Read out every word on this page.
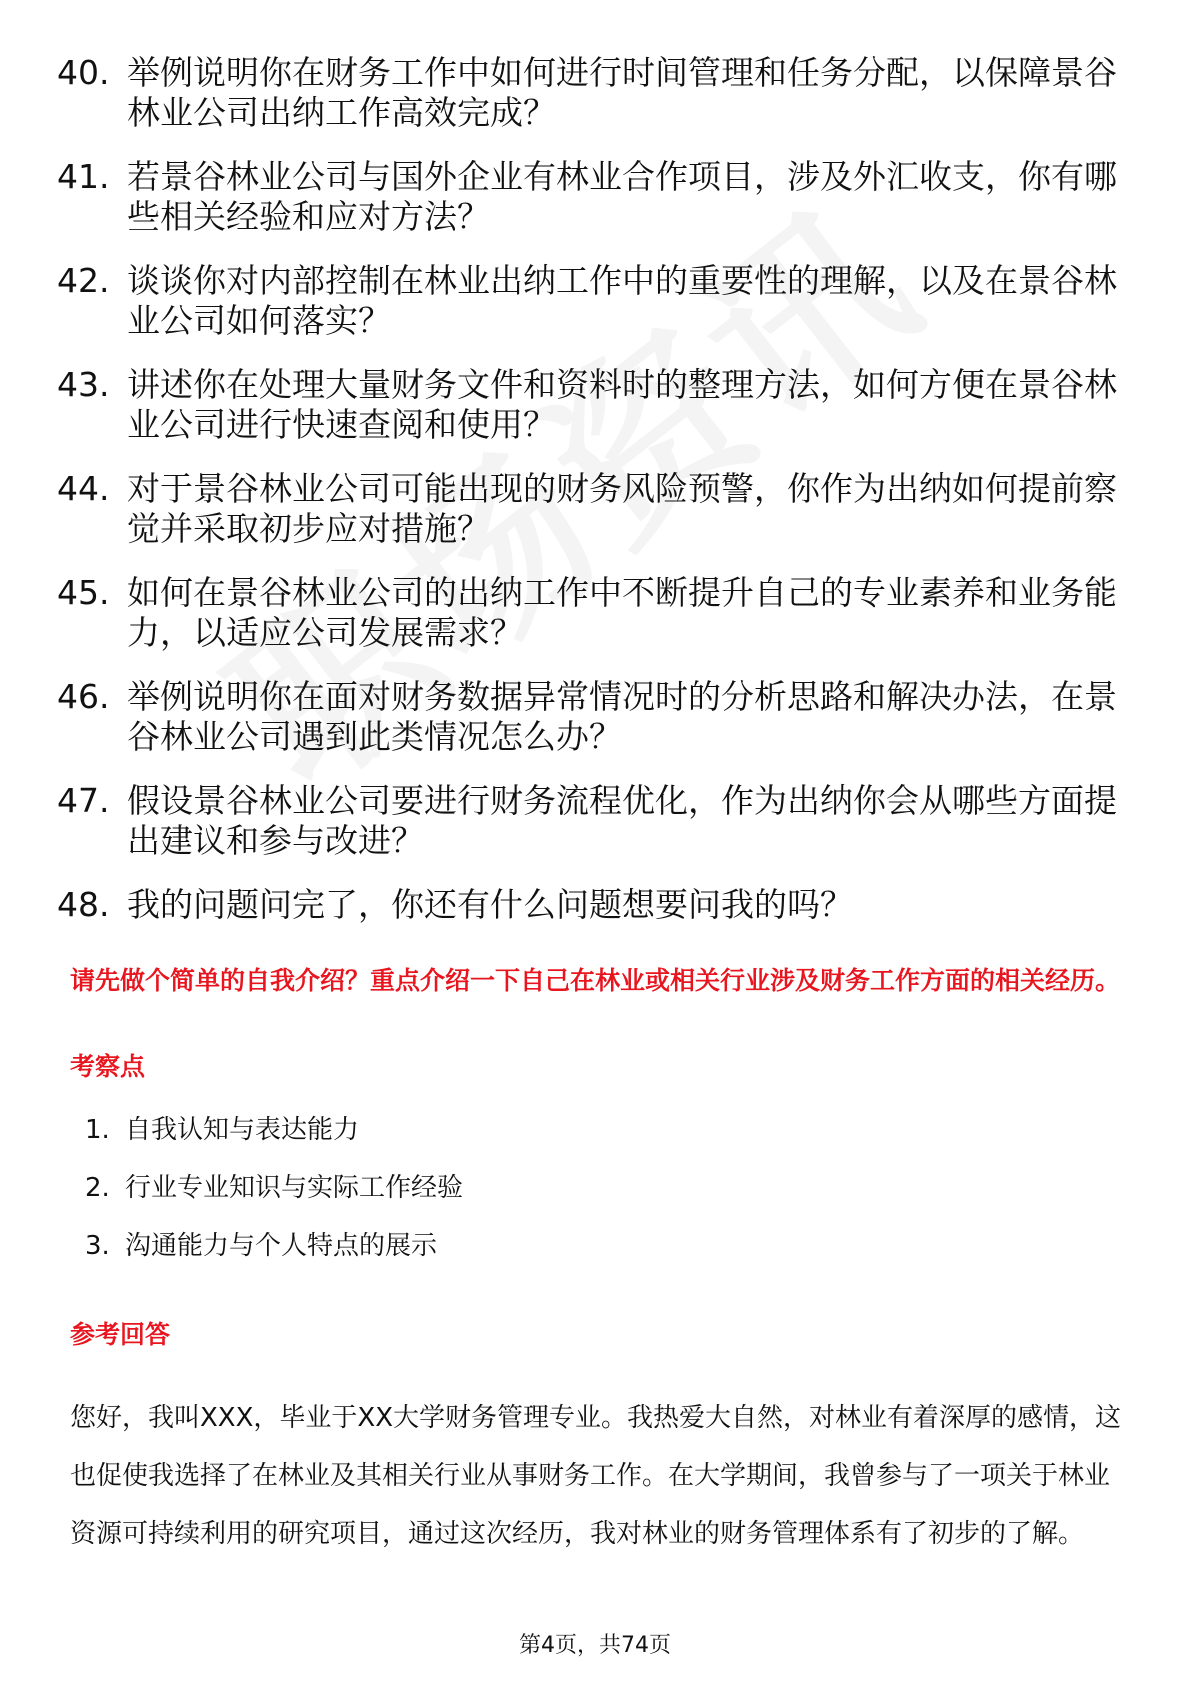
40. 举例说明你在财务工作中如何进行时间管理和任务分配，以保障景谷林业公司出纳工作高效完成？
41. 若景谷林业公司与国外企业有林业合作项目，涉及外汇收支，你有哪些相关经验和应对方法？
42. 谈谈你对内部控制在林业出纳工作中的重要性的理解，以及在景谷林业公司如何落实？
43. 讲述你在处理大量财务文件和资料时的整理方法，如何方便在景谷林业公司进行快速查阅和使用？
44. 对于景谷林业公司可能出现的财务风险预警，你作为出纳如何提前察觉并采取初步应对措施？
45. 如何在景谷林业公司的出纳工作中不断提升自己的专业素养和业务能力，以适应公司发展需求？
46. 举例说明你在面对财务数据异常情况时的分析思路和解决办法，在景谷林业公司遇到此类情况怎么办？
47. 假设景谷林业公司要进行财务流程优化，作为出纳你会从哪些方面提出建议和参与改进？
48. 我的问题问完了，你还有什么问题想要问我的吗？

请先做个简单的自我介绍？重点介绍一下自己在林业或相关行业涉及财务工作方面的相关经历。

考察点
1. 自我认知与表达能力
2. 行业专业知识与实际工作经验
3. 沟通能力与个人特点的展示
参考回答

您好，我叫XXX，毕业于XX大学财务管理专业。我热爱大自然，对林业有着深厚的感情，这也促使我选择了在林业及其相关行业从事财务工作。在大学期间，我曾参与了一项关于林业资源可持续利用的研究项目，通过这次经历，我对林业的财务管理体系有了初步的了解。

第4页，共74页
